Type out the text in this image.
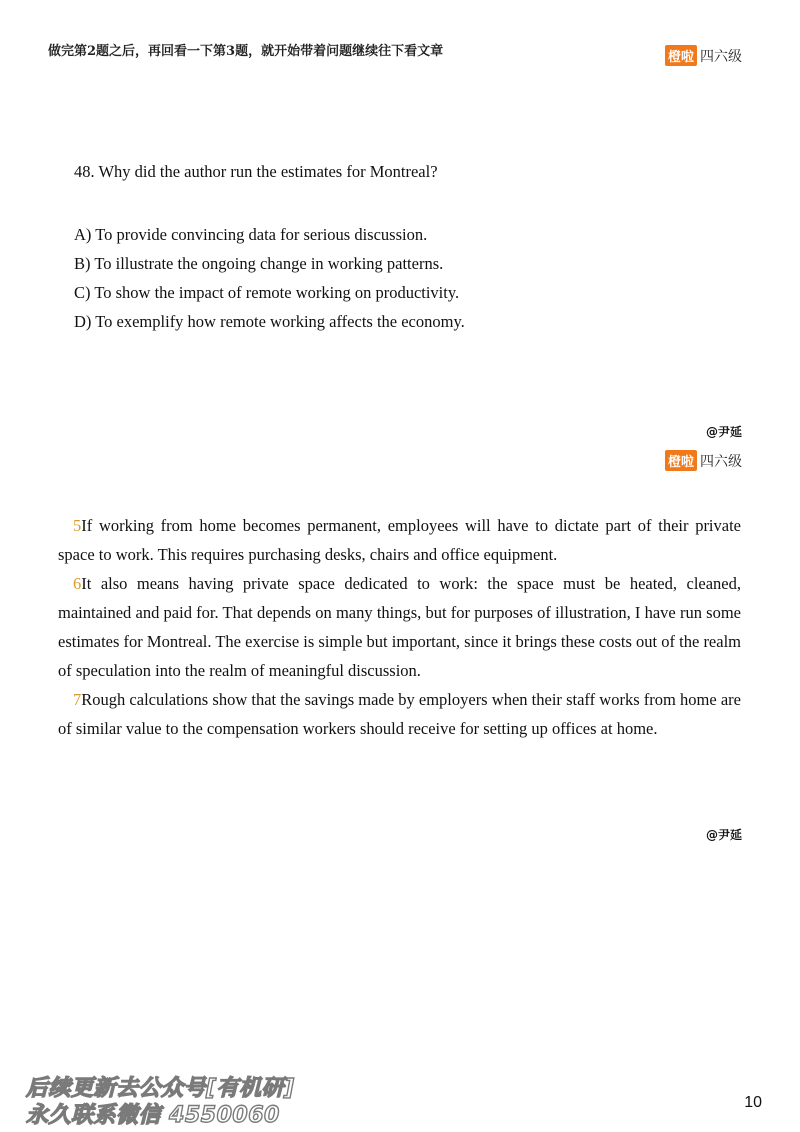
做完第2题之后，再回看一下第3题，就开始带着问题继续往下看文章	橙啦 四六级
48. Why did the author run the estimates for Montreal?
A) To provide convincing data for serious discussion.
B) To illustrate the ongoing change in working patterns.
C) To show the impact of remote working on productivity.
D) To exemplify how remote working affects the economy.
@尹延
橙啦 四六级

5If working from home becomes permanent, employees will have to dictate part of their private space to work. This requires purchasing desks, chairs and office equipment.

6It also means having private space dedicated to work: the space must be heated, cleaned, maintained and paid for. That depends on many things, but for purposes of illustration, I have run some estimates for Montreal. The exercise is simple but important, since it brings these costs out of the realm of speculation into the realm of meaningful discussion.

7Rough calculations show that the savings made by employers when their staff works from home are of similar value to the compensation workers should receive for setting up offices at home.

@尹延
后续更新去公众号[有机研]
永久联系微信 4550060
10
